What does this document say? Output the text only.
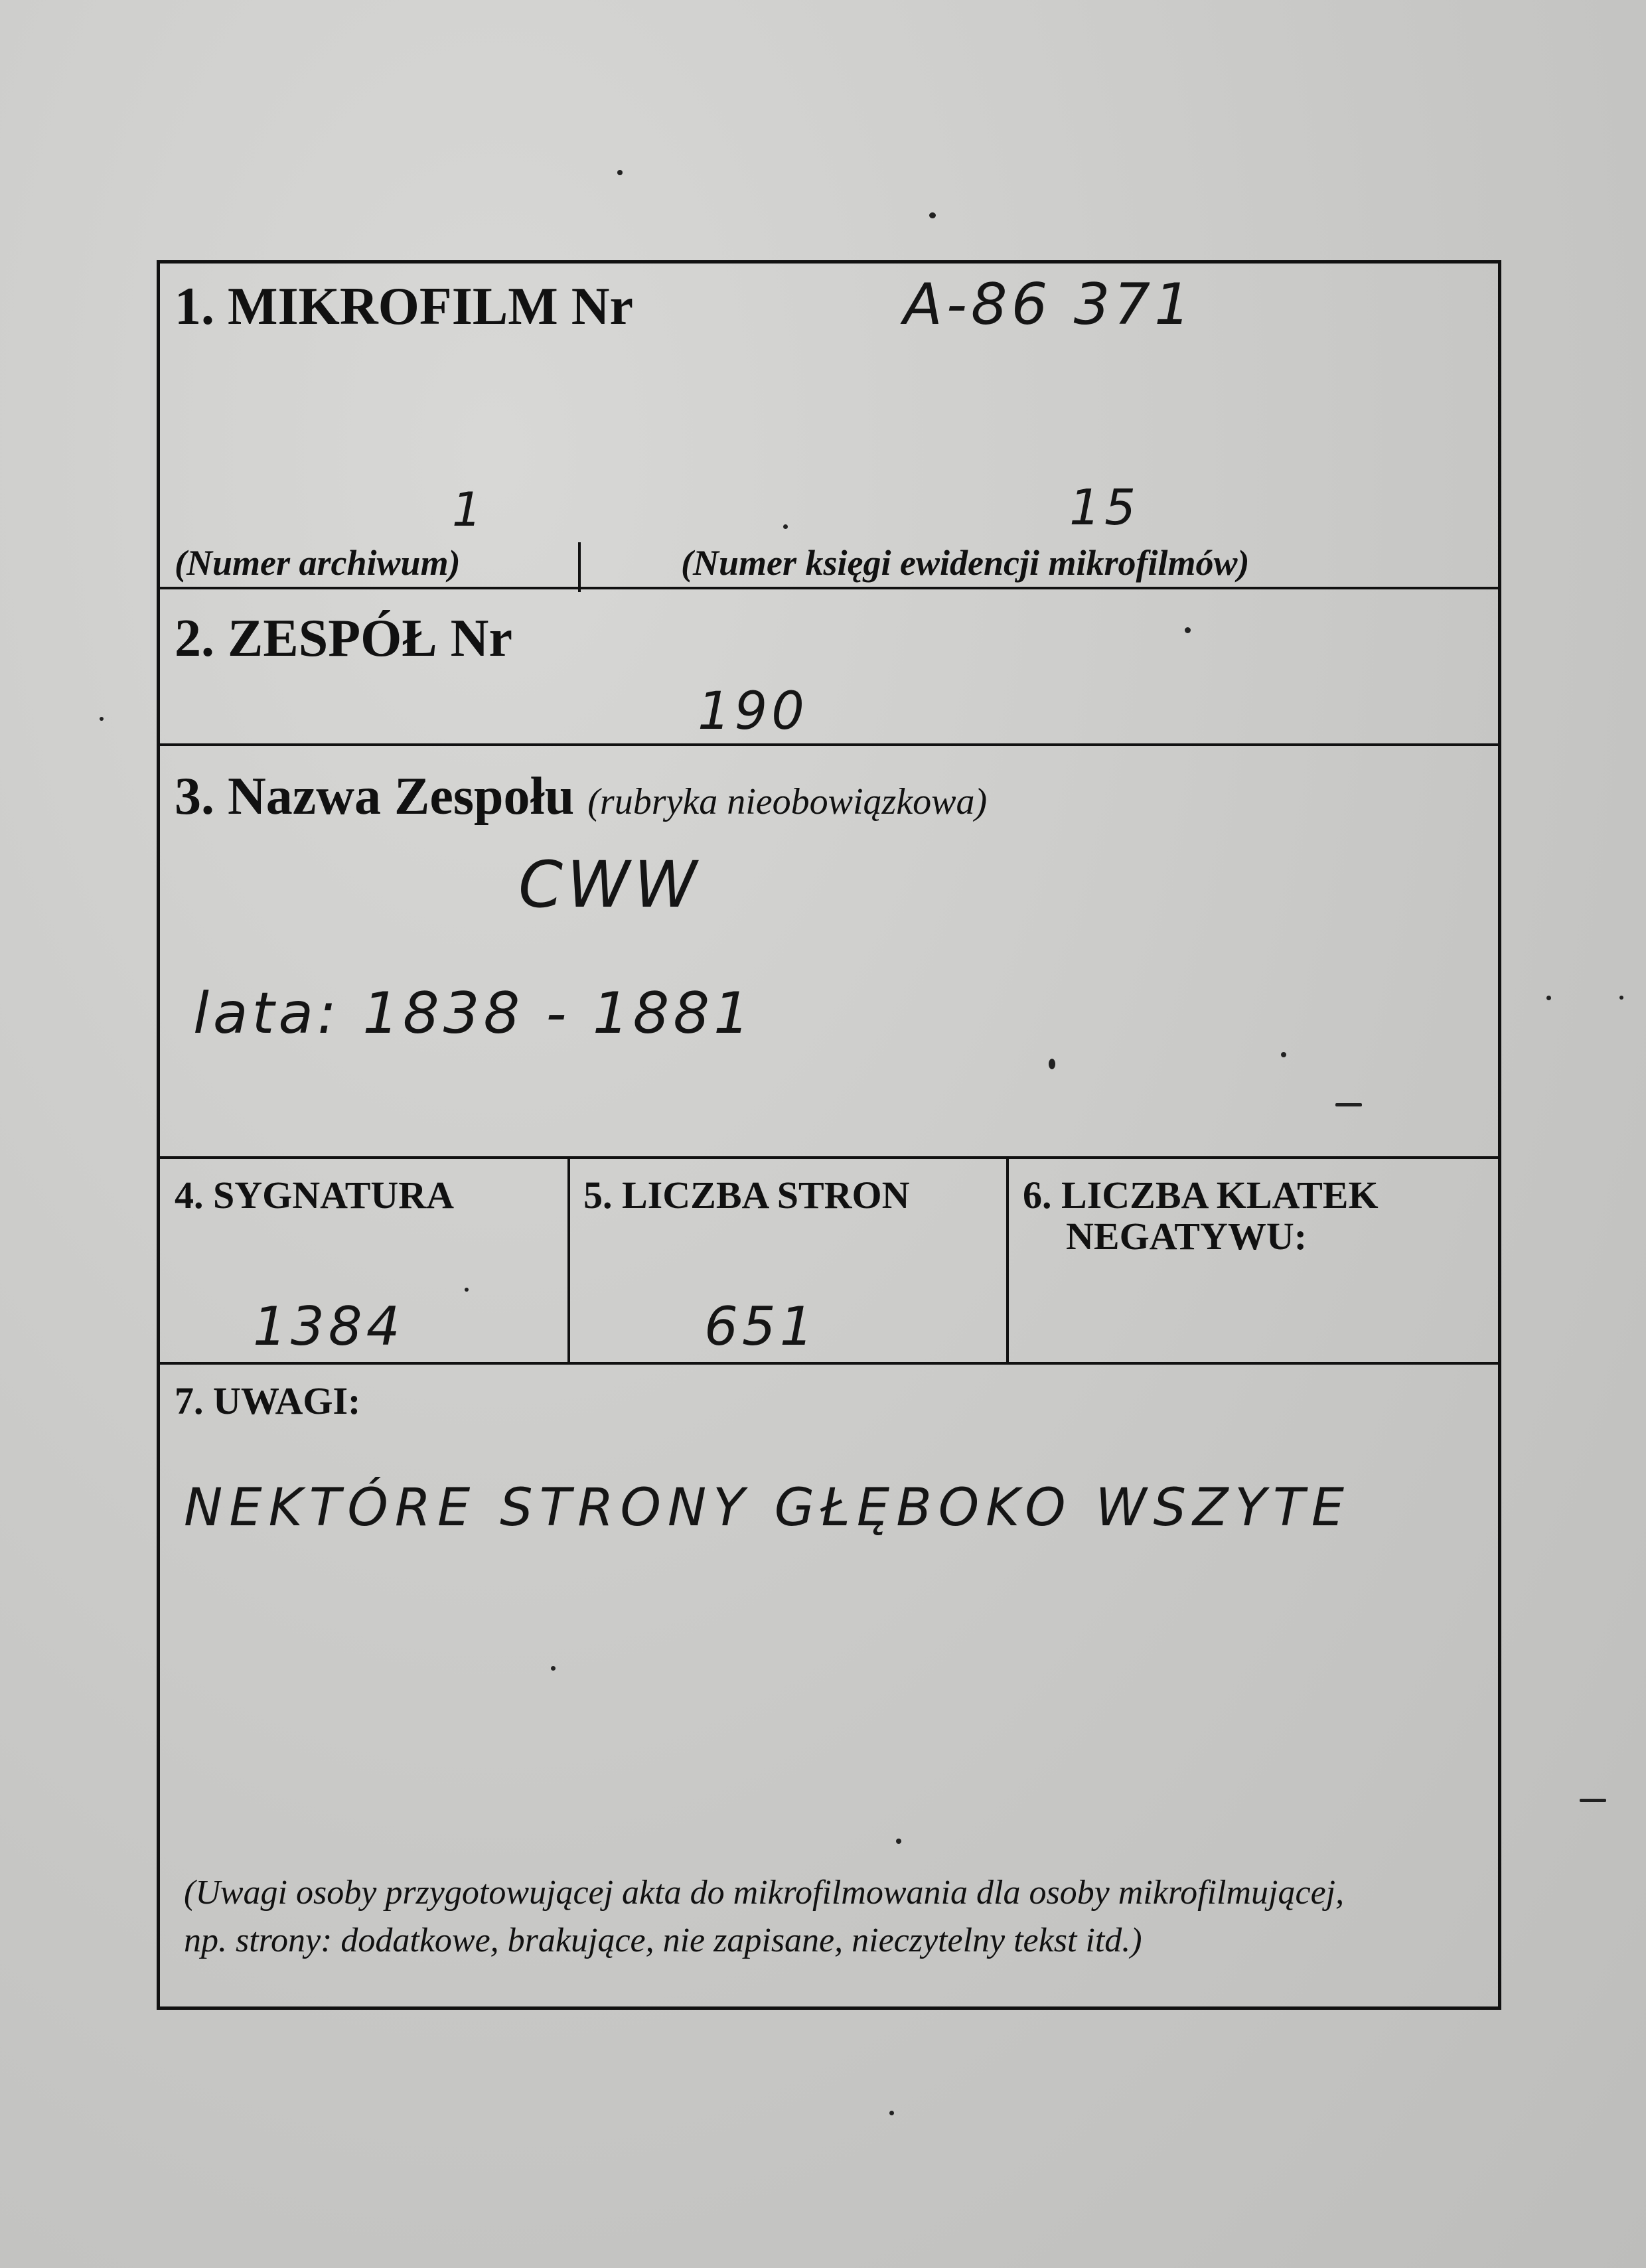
1. MIKROFILM Nr	A-86 371
1	15
(Numer archiwum)	(Numer księgi ewidencji mikrofilmów)
2. ZESPÓŁ Nr
190
3. Nazwa Zespołu (rubryka nieobowiązkowa)
CWW
lata: 1838 - 1881
4. SYGNATURA
1384
5. LICZBA STRON
651
6. LICZBA KLATEK
NEGATYWU:
7. UWAGI:
NEKTÓRE STRONY GŁĘBOKO WSZYTE
(Uwagi osoby przygotowującej akta do mikrofilmowania dla osoby mikrofilmującej,
np. strony: dodatkowe, brakujące, nie zapisane, nieczytelny tekst itd.)
